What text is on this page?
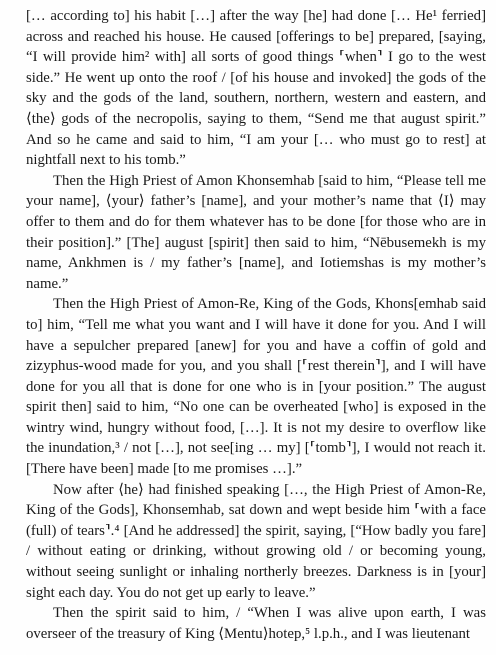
[… according to] his habit […] after the way [he] had done [… He¹ ferried] across and reached his house. He caused [offerings to be] prepared, [saying, “I will provide him² with] all sorts of good things ⸢when⸣ I go to the west side.” He went up onto the roof / [of his house and invoked] the gods of the sky and the gods of the land, southern, northern, western and eastern, and ⟨the⟩ gods of the necropolis, saying to them, “Send me that august spirit.” And so he came and said to him, “I am your [… who must go to rest] at nightfall next to his tomb.”

Then the High Priest of Amon Khonsemhab [said to him, “Please tell me your name], ⟨your⟩ father’s [name], and your mother’s name that ⟨I⟩ may offer to them and do for them whatever has to be done [for those who are in their position].” [The] august [spirit] then said to him, “Nēbusemekh is my name, Ankhmen is / my father’s [name], and Iotiemshas is my mother’s name.”

Then the High Priest of Amon-Re, King of the Gods, Khons[emhab said to] him, “Tell me what you want and I will have it done for you. And I will have a sepulcher prepared [anew] for you and have a coffin of gold and zizyphus-wood made for you, and you shall [⸢rest therein⸣], and I will have done for you all that is done for one who is in [your position.” The august spirit then] said to him, “No one can be overheated [who] is exposed in the wintry wind, hungry without food, […]. It is not my desire to overflow like the inundation,³ / not […], not see[ing … my] [⸢tomb⸣], I would not reach it. [There have been] made [to me promises …].”

Now after ⟨he⟩ had finished speaking […, the High Priest of Amon-Re, King of the Gods], Khonsemhab, sat down and wept beside him ⸢with a face (full) of tears⸣.⁴ [And he addressed] the spirit, saying, [“How badly you fare] / without eating or drinking, without growing old / or becoming young, without seeing sunlight or inhaling northerly breezes. Darkness is in [your] sight each day. You do not get up early to leave.”

Then the spirit said to him, / “When I was alive upon earth, I was overseer of the treasury of King ⟨Mentu⟩hotep,⁵ l.p.h., and I was lieutenant
